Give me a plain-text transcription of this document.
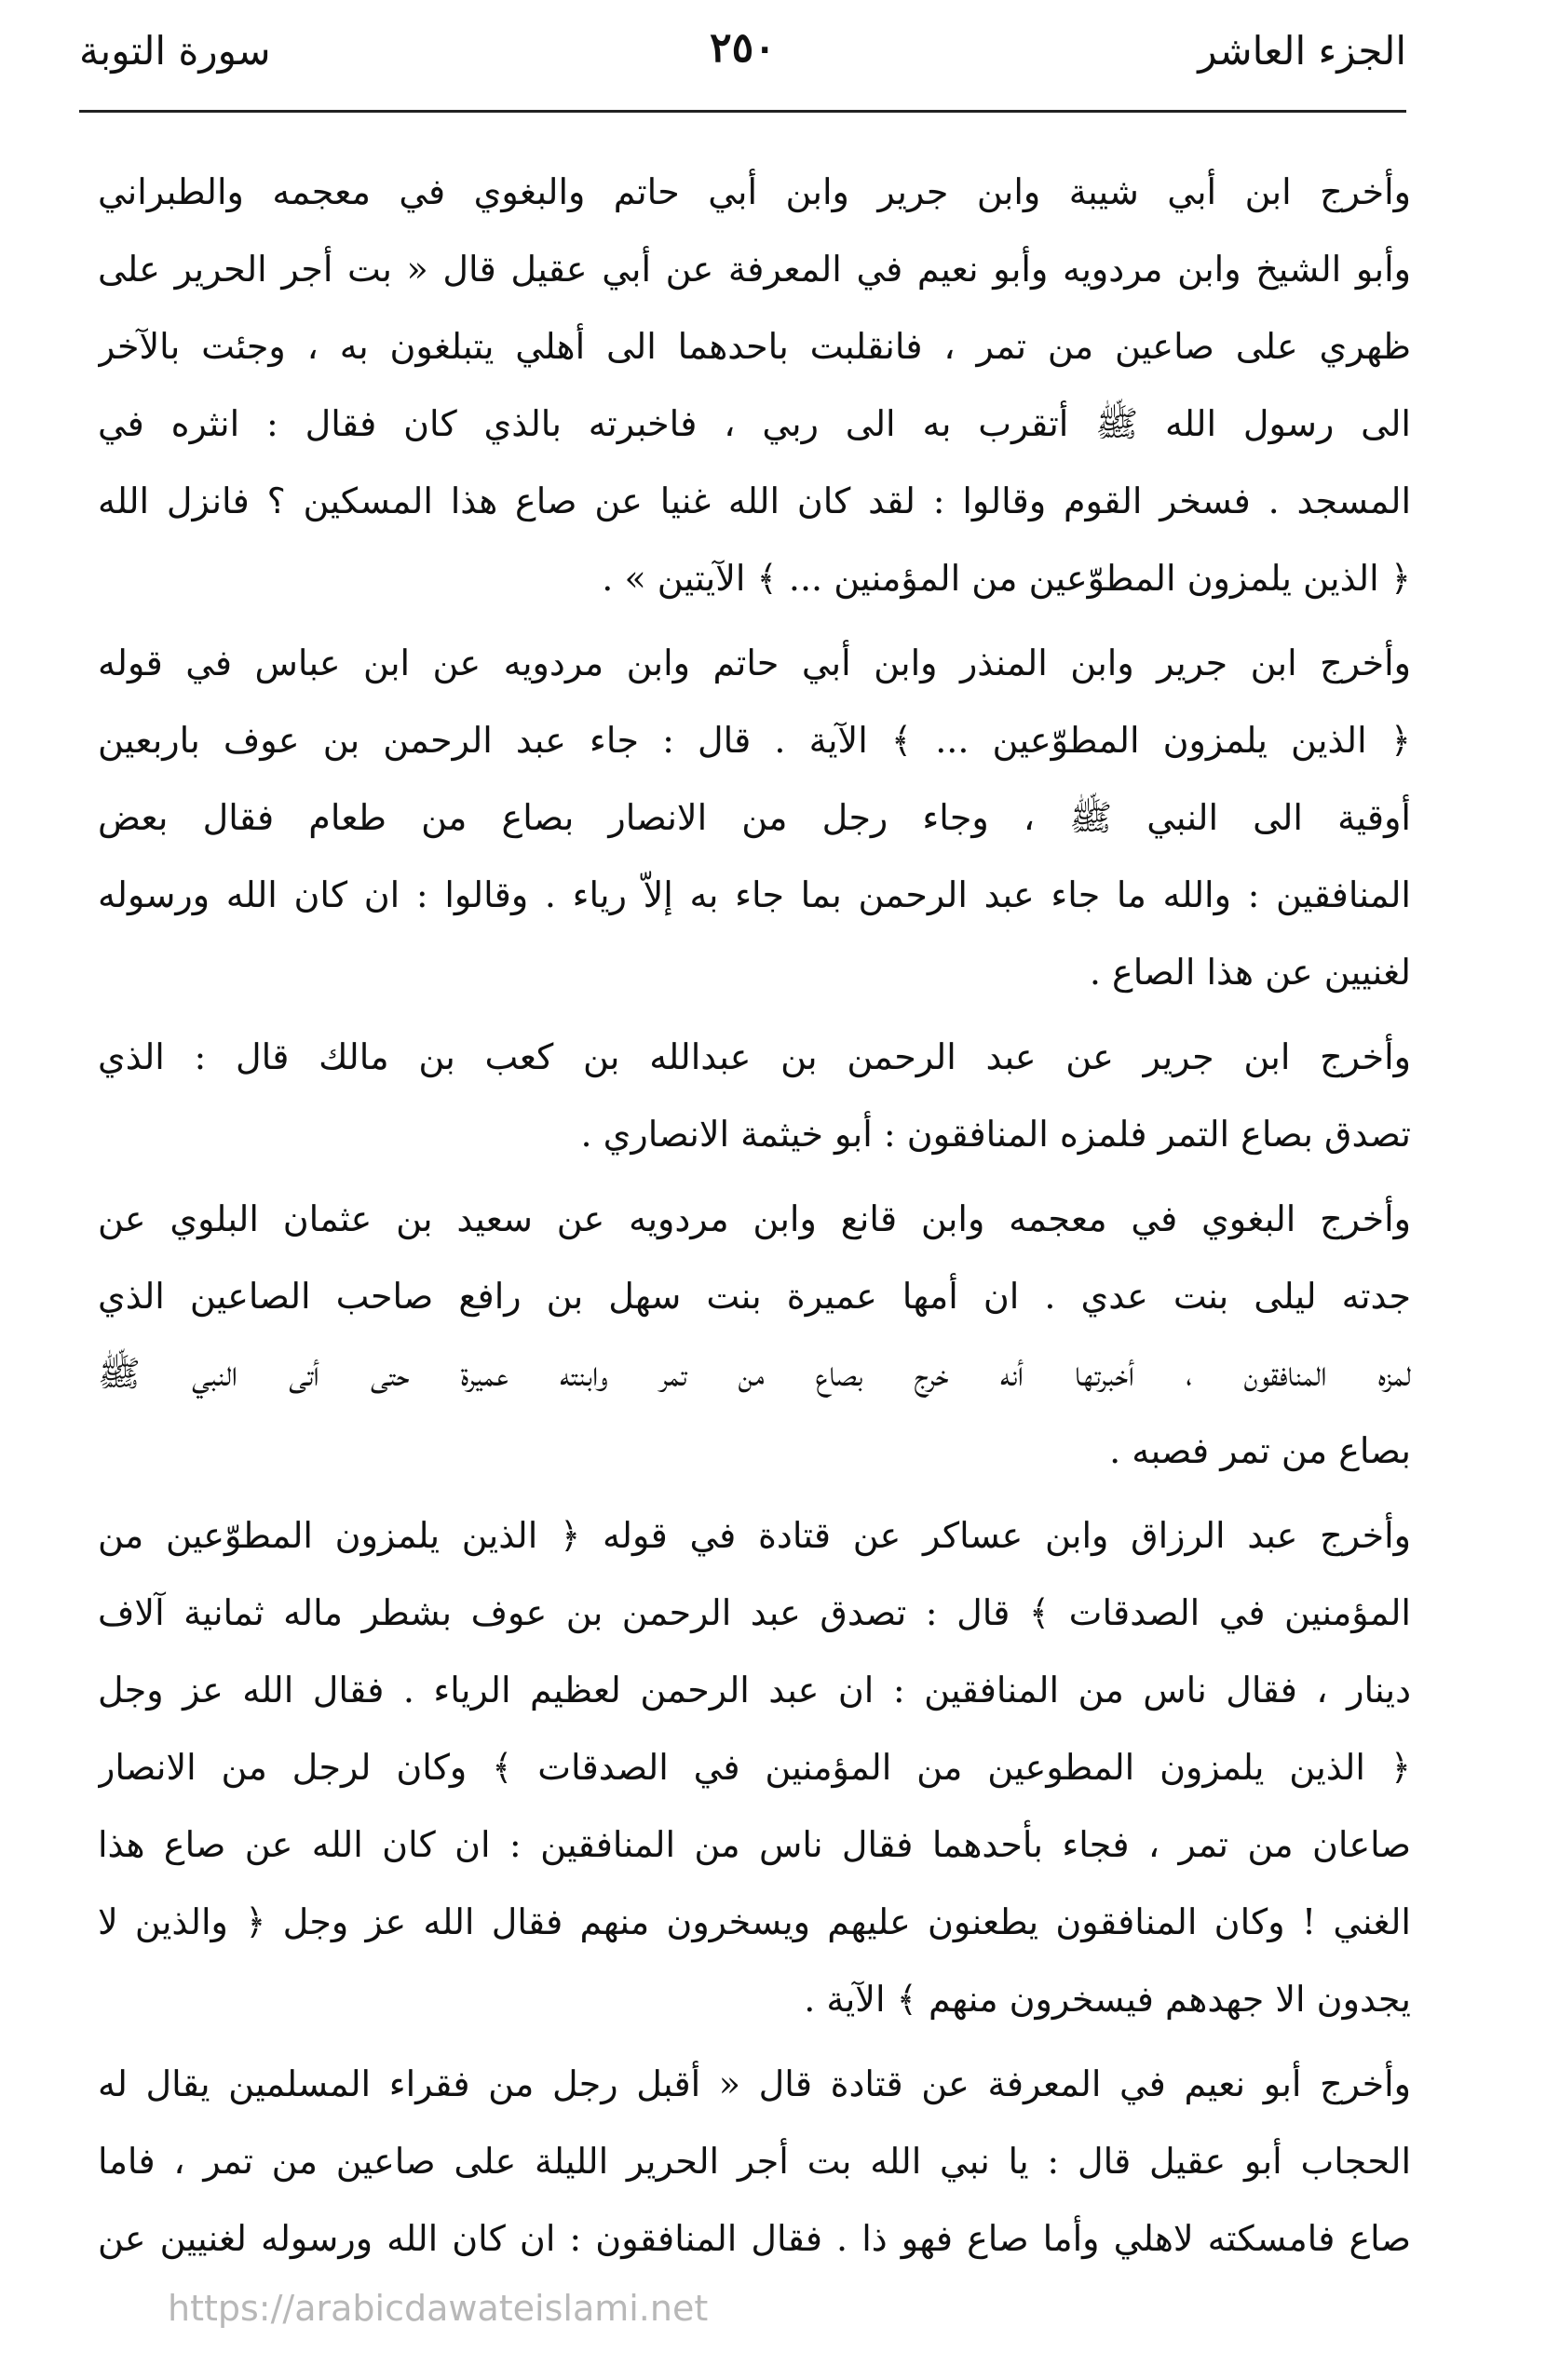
الجزء العاشر
٢٥٠
سورة التوبة
وأخرج ابن أبي شيبة وابن جرير وابن أبي حاتم والبغوي في معجمه والطبراني
وأبو الشيخ وابن مردويه وأبو نعيم في المعرفة عن أبي عقيل قال « بت أجر الحرير على
ظهري على صاعين من تمر ، فانقلبت باحدهما الى أهلي يتبلغون به ، وجئت بالآخر
الى رسول الله ﷺ أتقرب به الى ربي ، فاخبرته بالذي كان فقال : انثره في
المسجد . فسخر القوم وقالوا : لقد كان الله غنيا عن صاع هذا المسكين ؟ فانزل الله
﴿ الذين يلمزون المطوّعين من المؤمنين ... ﴾ الآيتين » .
وأخرج ابن جرير وابن المنذر وابن أبي حاتم وابن مردويه عن ابن عباس في قوله
﴿ الذين يلمزون المطوّعين ... ﴾ الآية . قال : جاء عبد الرحمن بن عوف باربعين
أوقية الى النبي ﷺ ، وجاء رجل من الانصار بصاع من طعام فقال بعض
المنافقين : والله ما جاء عبد الرحمن بما جاء به إلاّ رياء . وقالوا : ان كان الله ورسوله
لغنيين عن هذا الصاع .
وأخرج ابن جرير عن عبد الرحمن بن عبدالله بن كعب بن مالك قال : الذي
تصدق بصاع التمر فلمزه المنافقون : أبو خيثمة الانصاري .
وأخرج البغوي في معجمه وابن قانع وابن مردويه عن سعيد بن عثمان البلوي عن
جدته ليلى بنت عدي . ان أمها عميرة بنت سهل بن رافع صاحب الصاعين الذي
لمزه المنافقون ، أخبرتها أنه خرج بصاع من تمر وابنته عميرة حتى أتى النبي ﷺ
بصاع من تمر فصبه .
وأخرج عبد الرزاق وابن عساكر عن قتادة في قوله ﴿ الذين يلمزون المطوّعين من
المؤمنين في الصدقات ﴾ قال : تصدق عبد الرحمن بن عوف بشطر ماله ثمانية آلاف
دينار ، فقال ناس من المنافقين : ان عبد الرحمن لعظيم الرياء . فقال الله عز وجل
﴿ الذين يلمزون المطوعين من المؤمنين في الصدقات ﴾ وكان لرجل من الانصار
صاعان من تمر ، فجاء بأحدهما فقال ناس من المنافقين : ان كان الله عن صاع هذا
الغني ! وكان المنافقون يطعنون عليهم ويسخرون منهم فقال الله عز وجل ﴿ والذين لا
يجدون الا جهدهم فيسخرون منهم ﴾ الآية .
وأخرج أبو نعيم في المعرفة عن قتادة قال « أقبل رجل من فقراء المسلمين يقال له
الحجاب أبو عقيل قال : يا نبي الله بت أجر الحرير الليلة على صاعين من تمر ، فاما
صاع فامسكته لاهلي وأما صاع فهو ذا . فقال المنافقون : ان كان الله ورسوله لغنيين عن
https://arabicdawateislami.net
